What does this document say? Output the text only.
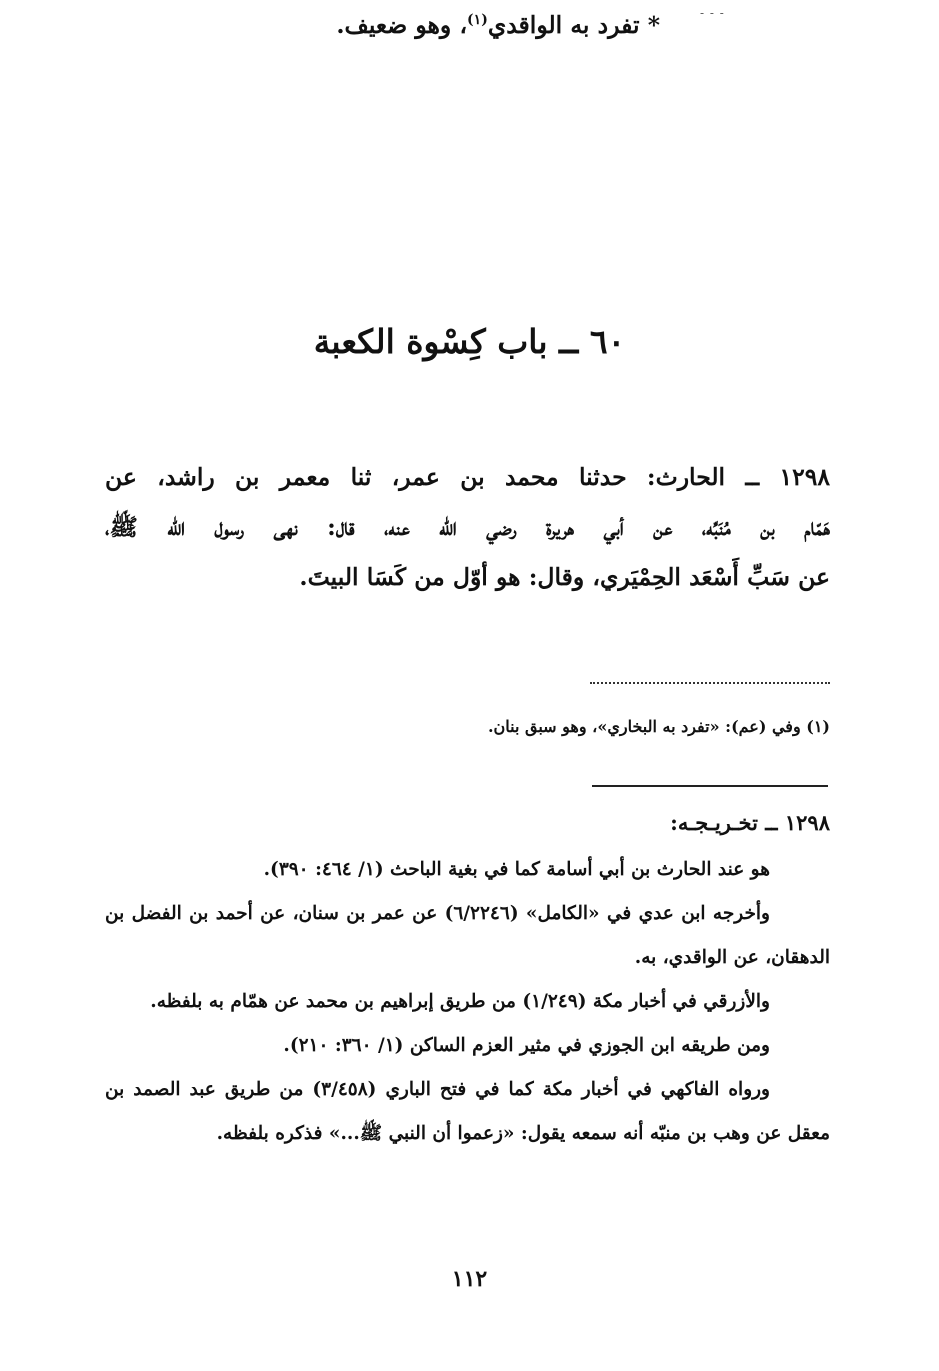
- - -
٦٠ ــ باب كِسْوة الكعبة
١٢٩٨ ــ الحارث: حدثنا محمد بن عمر، ثنا معمر بن راشد، عن
هَمّام بن مُنَبِّه، عن أبي هريرة رضي الله عنه، قال: نهى رسول الله ﷺ،
عن سَبِّ أَسْعَد الحِمْيَري، وقال: هو أوّل من كَسَا البيتَ.
* تفرد به الواقدي$^{(١)}$، وهو ضعيف.
(١) وفي (عم): «تفرد به البخاري»، وهو سبق بنان.
١٢٩٨ ــ تخـريـجـه:

هو عند الحارث بن أبي أسامة كما في بغية الباحث (١/ ٤٦٤: ٣٩٠).

وأخرجه ابن عدي في «الكامل» (٦/٢٢٤٦) عن عمر بن سنان، عن أحمد بن الفضل بن الدهقان، عن الواقدي، به.

والأزرقي في أخبار مكة (١/٢٤٩) من طريق إبراهيم بن محمد عن همّام به بلفظه.

ومن طريقه ابن الجوزي في مثير العزم الساكن (١/ ٣٦٠: ٢١٠).

ورواه الفاكهي في أخبار مكة كما في فتح الباري (٣/٤٥٨) من طريق عبد الصمد بن معقل عن وهب بن منبّه أنه سمعه يقول: «زعموا أن النبي ﷺ...» فذكره بلفظه.

١١٢
